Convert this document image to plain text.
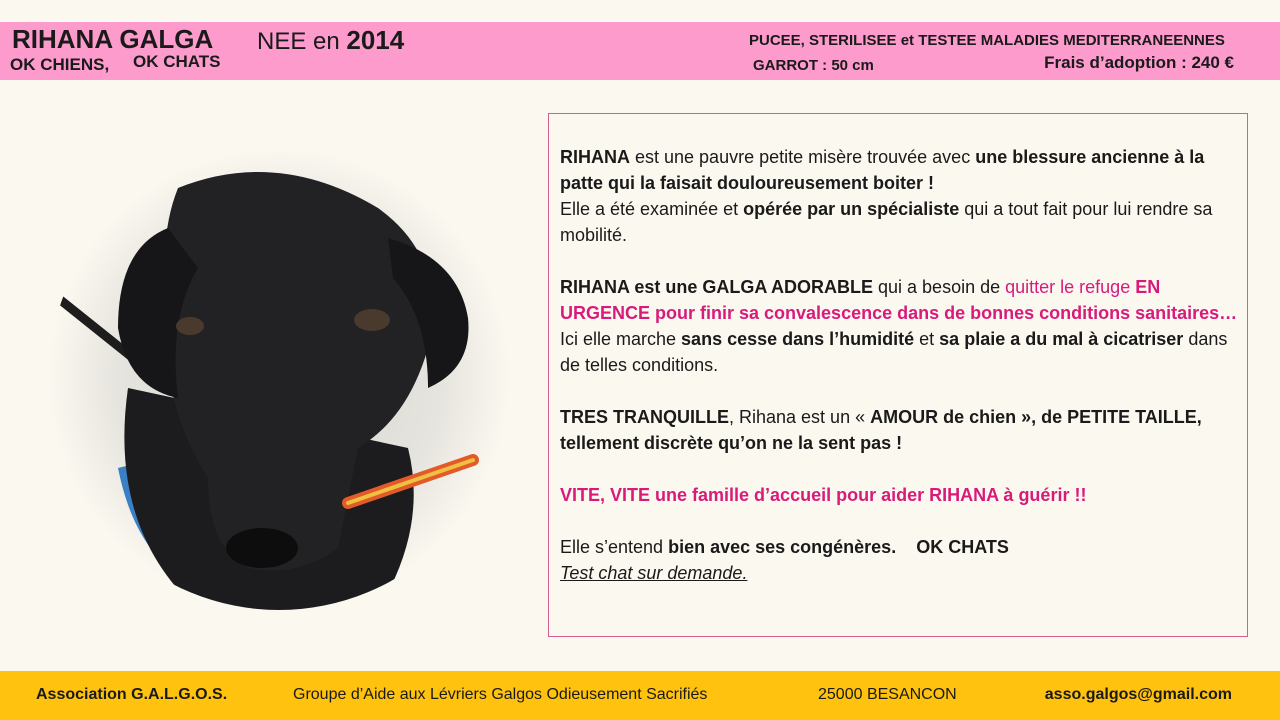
RIHANA GALGA NEE en 2014
OK CHIENS, OK CHATS
PUCEE, STERILISEE et TESTEE MALADIES MEDITERRANEENNES
GARROT : 50 cm	Frais d’adoption : 240 €

RIHANA est une pauvre petite misère trouvée avec une blessure ancienne à la patte qui la faisait douloureusement boiter !
Elle a été examinée et opérée par un spécialiste qui a tout fait pour lui rendre sa mobilité.

RIHANA est une GALGA ADORABLE qui a besoin de quitter le refuge EN URGENCE pour finir sa convalescence dans de bonnes conditions sanitaires…
Ici elle marche sans cesse dans l’humidité et sa plaie a du mal à cicatriser dans de telles conditions.

TRES TRANQUILLE, Rihana est un « AMOUR de chien », de PETITE TAILLE, tellement discrète qu’on ne la sent pas !

VITE, VITE une famille d’accueil pour aider RIHANA à guérir !!

Elle s’entend bien avec ses congénères. OK CHATS
Test chat sur demande.

Association G.A.L.G.O.S.	Groupe d’Aide aux Lévriers Galgos Odieusement Sacrifiés	25000 BESANCON	asso.galgos@gmail.com
